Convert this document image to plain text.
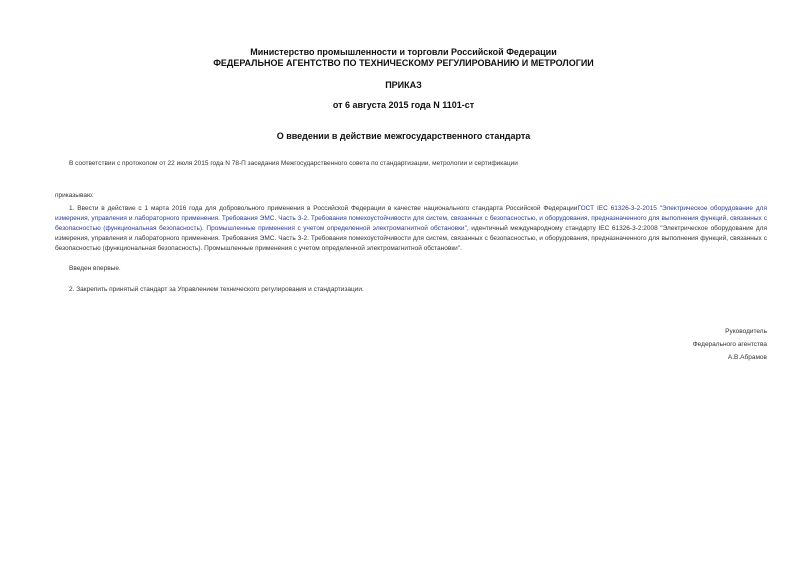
Министерство промышленности и торговли Российской Федерации
ФЕДЕРАЛЬНОЕ АГЕНТСТВО ПО ТЕХНИЧЕСКОМУ РЕГУЛИРОВАНИЮ И МЕТРОЛОГИИ
ПРИКАЗ
от 6 августа 2015 года N 1101-ст
О введении в действие межгосударственного стандарта
В соответствии с протоколом от 22 июля 2015 года N 78-П заседания Межгосударственного совета по стандартизации, метрологии и сертификации
приказываю:
1. Ввести в действие с 1 марта 2016 года для добровольного применения в Российской Федерации в качестве национального стандарта Российской ФедерацииГОСТ IEC 61326-3-2-2015 "Электрическое оборудование для измерения, управления и лабораторного применения. Требования ЭМС. Часть 3-2. Требования помехоустойчивости для систем, связанных с безопасностью, и оборудования, предназначенного для выполнения функций, связанных с безопасностью (функциональная безопасность). Промышленные применения с учетом определенной электромагнитной обстановки", идентичный международному стандарту IEC 61326-3-2:2008 "Электрическое оборудование для измерения, управления и лабораторного применения. Требования ЭМС. Часть 3-2. Требования помехоустойчивости для систем, связанных с безопасностью, и оборудования, предназначенного для выполнения функций, связанных с безопасностью (функциональная безопасность). Промышленные применения с учетом определенной электромагнитной обстановки".
Введен впервые.
2. Закрепить принятый стандарт за Управлением технического регулирования и стандартизации.
Руководитель
Федерального агентства
А.В.Абрамов
